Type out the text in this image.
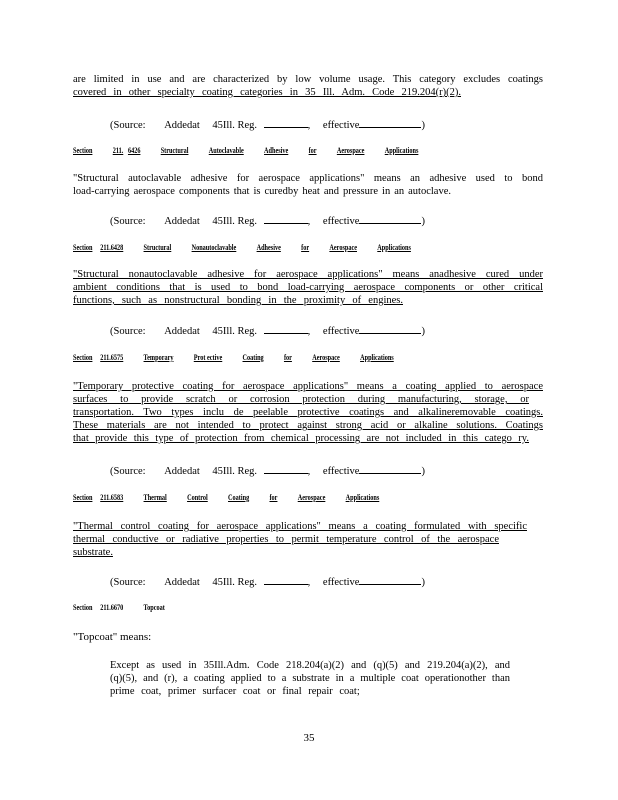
are limited in use and are characterized by low volume usage. This category excludes coatings
covered in other specialty coating categories in 35 Ill. Adm. Code 219.204(r)(2).
(Source: Addedat 45Ill. Reg.	, effective	)
Section	211. 6426	Structural	Autoclavable	Adhesive	for	Aerospace	Applications
"Structural autoclavable adhesive for aerospace applications" means an adhesive used to bond
load-carrying aerospace components that is curedby heat and pressure in an autoclave.
(Source: Addedat 45Ill. Reg.	, effective	)
Section 211.6428	Structural	Nonautoclavable	Adhesive	for	Aerospace	Applications
"Structural nonautoclavable adhesive for aerospace applications" means anadhesive cured under
ambient conditions that is used to bond load-carrying aerospace components or other critical
functions, such as nonstructural bonding in the proximity of engines.
(Source: Addedat 45Ill. Reg.	, effective	)
Section 211.6575	Temporary	Prot ective	Coating	for	Aerospace	Applications
"Temporary protective coating for aerospace applications" means a coating applied to aerospace
surfaces to provide scratch or corrosion protection during manufacturing, storage, or
transportation. Two types inclu de peelable protective coatings and alkalineremovable coatings.
These materials are not intended to protect against strong acid or alkaline solutions. Coatings
that provide this type of protection from chemical processing are not included in this catego ry.
(Source: Addedat 45Ill. Reg.	, effective	)
Section 211.6583	Thermal	Control	Coating	for	Aerospace	Applications
"Thermal control coating for aerospace applications" means a coating formulated with specific
thermal conductive or radiative properties to permit temperature control of the aerospace
substrate.
(Source: Addedat 45Ill. Reg.	, effective	)
Section 211.6670	Topcoat
"Topcoat" means:
Except as used in 35Ill.Adm. Code 218.204(a)(2) and (q)(5) and 219.204(a)(2), and
(q)(5), and (r), a coating applied to a substrate in a multiple coat operationother than
prime coat, primer surfacer coat or final repair coat;
35
